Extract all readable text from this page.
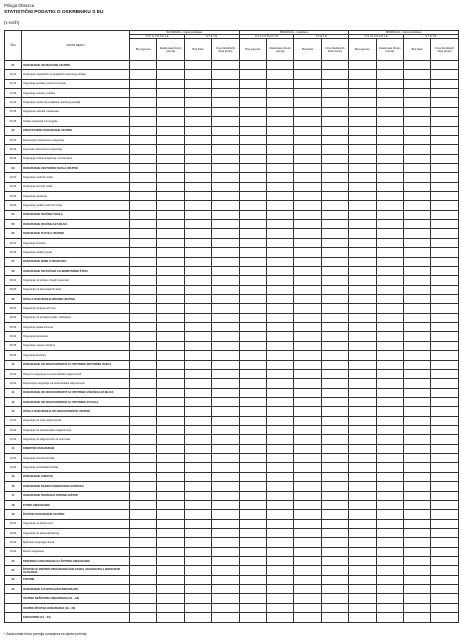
Priloga Obrazca
STATISTIČNI PODATKI O OSKRBNIKU S EU
(v evrih)
Šifra	VRSTE REZKA	SLOVENIJA – trajna predelava				ŠPANOLIJA – predelava				ŠPANOLIJA – trajna predelava			
		O S I G U R A N J E		S T E T E		O S I G U R A N J E		S T E T E		O S I G U R A N J E		S T E T E	
		Broj ugovora	Zaračunata (bruto) premija	Broj šteta	Iznos likvidiranih šteta (bruto)	Broj ugovora	Zaračunata (bruto) premija	Broj šteta	Iznos likvidiranih šteta (bruto)	Broj ugovora	Zaračunata (bruto) premija	Broj šteta	Iznos likvidiranih šteta (bruto)
01	OSIGURANJE OD NEZGODE UKUPNO												
01.01	Osiguranje zaposlenih od posljedica nesretnog slučaja												
01.02	Osiguranje putnika u javnom prometu												
01.03	Osiguranje vozača i putnika												
01.04	Osiguranje osoba od posljedica nesretnog slučaja												
01.05	Osiguranje učenika i studenata												
01.06	Ostala osiguranja od nezgode												
02	ZDRAVSTVENO OSIGURANJE UKUPNO												
02.01	Dobrovoljno zdravstveno osiguranje												
02.02	Dopunsko zdravstveno osiguranje												
02.03	Osiguranje troškova liječenja u inozemstvu												
03	OSIGURANJE CESTOVNIH VOZILA UKUPNO												
03.01	Osiguranje osobnih vozila												
03.02	Osiguranje teretnih vozila												
03.03	Osiguranje autobusa												
03.04	Osiguranje ostalih motornih vozila												
04	OSIGURANJE TRAČNIH VOZILA												
05	OSIGURANJE ZRAČNIH LETJELICA												
06	OSIGURANJE PLOVILA UKUPNO												
06.01	Osiguranje brodova												
06.02	Osiguranje ostalih plovila												
07	OSIGURANJE ROBE U PRIJEVOZU												
08	OSIGURANJE OD POŽARA I ELEMENTARNIH ŠTETA												
08.01	Osiguranje od požara i drugih opasnosti												
08.02	Osiguranje od elementarnih šteta												
09	OSTALA OSIGURANJA IMOVINE UKUPNO												
09.01	Osiguranje strojeva od loma												
09.02	Osiguranje od provalne krađe i razbojstva												
09.03	Osiguranje stakla od loma												
09.04	Osiguranje kućanstva												
09.05	Osiguranje usjeva i plodova												
09.06	Osiguranje životinja												
10	OSIGURANJE OD ODGOVORNOSTI ZA UPOTREBU MOTORNIH VOZILA												
10.01	Obvezno osiguranje od automobilske odgovornosti												
10.02	Dobrovoljno osiguranje od automobilske odgovornosti												
11	OSIGURANJE OD ODGOVORNOSTI ZA UPOTREBU ZRAČNIH LETJELICA												
12	OSIGURANJE OD ODGOVORNOSTI ZA UPOTREBU PLOVILA												
13	OSTALA OSIGURANJA OD ODGOVORNOSTI UKUPNO												
13.01	Osiguranje od opće odgovornosti												
13.02	Osiguranje od profesionalne odgovornosti												
13.03	Osiguranje od odgovornosti za proizvode												
14	KREDITNO OSIGURANJE												
14.01	Osiguranje izvoznih kredita												
14.02	Osiguranje potrošačkih kredita												
15	OSIGURANJE JAMSTVA												
16	OSIGURANJE RAZNIH FINANCIJSKIH GUBITAKA												
17	OSIGURANJE TROŠKOVA PRAVNE ZAŠTITE												
18	PUTNO OSIGURANJE												
19	ŽIVOTNO OSIGURANJE UKUPNO												
19.01	Osiguranje za slučaj smrti												
19.02	Osiguranje za slučaj doživljenja												
19.03	Mješovito osiguranje života												
19.04	Rentno osiguranje												
20	DOPUNSKA OSIGURANJA UZ ŽIVOTNO OSIGURANJE												
21	ŽIVOTNO ILI RENTNO OSIGURANJE KOD KOJEG UGOVARATELJ SNOSI RIZIK ULAGANJA												
22	TONTINE												
23	OSIGURANJE S KAPITALIZACIJOM ISPLATE												
	UKUPNO NEŽIVOTNA OSIGURANJA (01 – 18)												
	UKUPNO ŽIVOTNA OSIGURANJA (19 – 23)												
	SVEUKUPNO (01 – 23)												
* Zaračunata bruto premija umanjena za otpise premija
